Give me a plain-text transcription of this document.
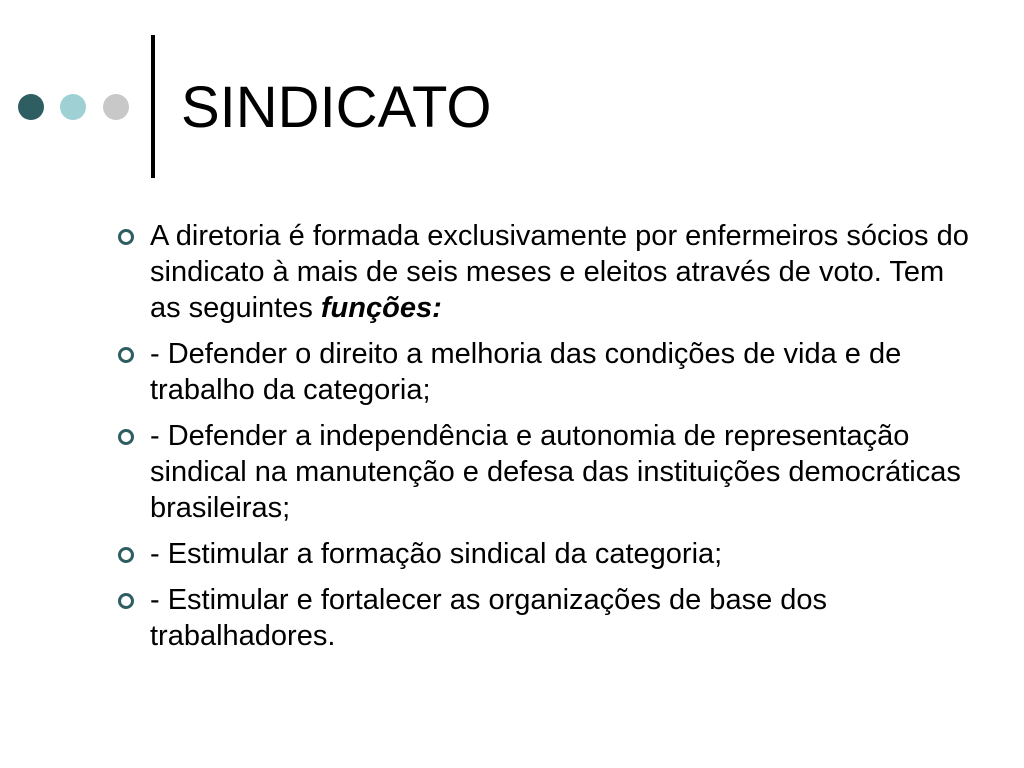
SINDICATO
A diretoria é formada exclusivamente por enfermeiros sócios do sindicato à mais de seis meses e eleitos através de voto. Tem as seguintes funções:
- Defender o direito a melhoria das condições de vida e de trabalho da categoria;
- Defender a independência e autonomia de representação sindical na manutenção e defesa das instituições democráticas brasileiras;
- Estimular a formação sindical da categoria;
- Estimular e fortalecer as organizações de base dos trabalhadores.
